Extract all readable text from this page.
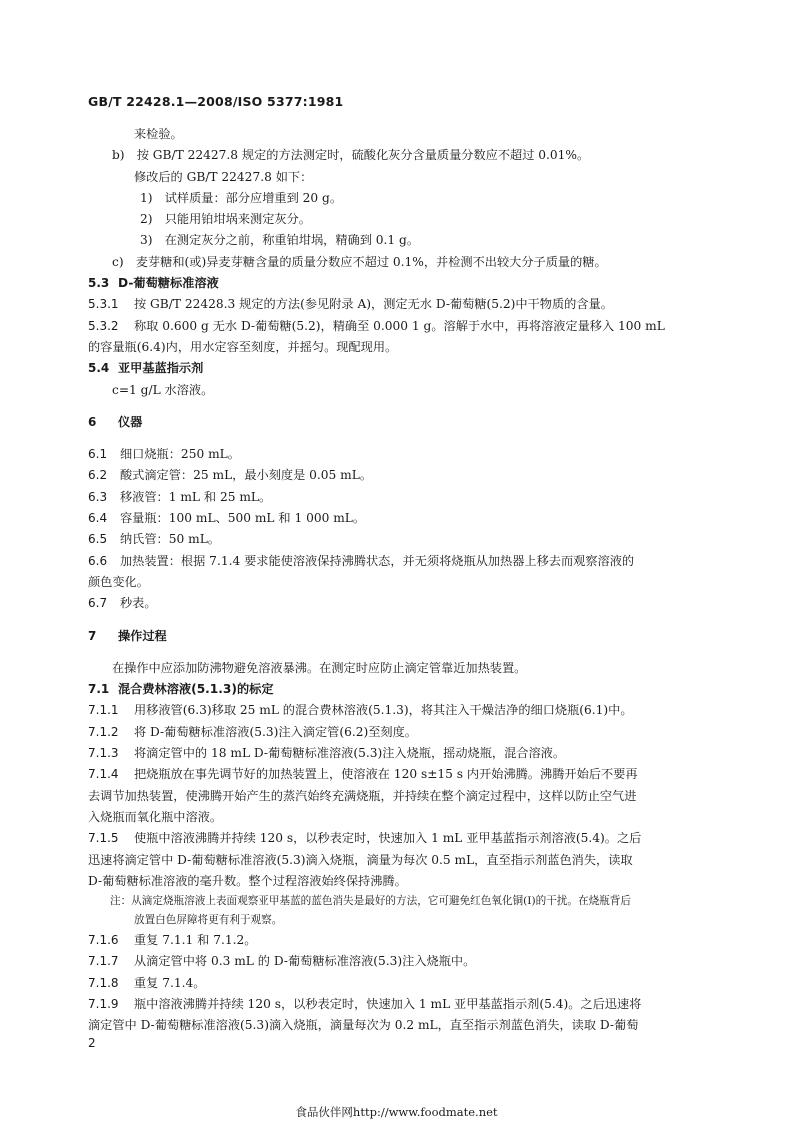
GB/T 22428.1—2008/ISO 5377:1981
来检验。
b)　按 GB/T 22427.8 规定的方法测定时，硫酸化灰分含量质量分数应不超过 0.01%。
修改后的 GB/T 22427.8 如下：
1)　试样质量：部分应增重到 20 g。
2)　只能用铂坩埚来测定灰分。
3)　在测定灰分之前，称重铂坩埚，精确到 0.1 g。
c)　麦芽糖和(或)异麦芽糖含量的质量分数应不超过 0.1%，并检测不出较大分子质量的糖。
5.3 D-葡萄糖标准溶液
5.3.1 按 GB/T 22428.3 规定的方法(参见附录 A)，测定无水 D-葡萄糖(5.2)中干物质的含量。
5.3.2 称取 0.600 g 无水 D-葡萄糖(5.2)，精确至 0.000 1 g。溶解于水中，再将溶液定量移入 100 mL
的容量瓶(6.4)内，用水定容至刻度，并摇匀。现配现用。
5.4 亚甲基蓝指示剂
c=1 g/L 水溶液。
6 仪器
6.1 细口烧瓶：250 mL。
6.2 酸式滴定管：25 mL，最小刻度是 0.05 mL。
6.3 移液管：1 mL 和 25 mL。
6.4 容量瓶：100 mL、500 mL 和 1 000 mL。
6.5 纳氏管：50 mL。
6.6 加热装置：根据 7.1.4 要求能使溶液保持沸腾状态，并无须将烧瓶从加热器上移去而观察溶液的
颜色变化。
6.7 秒表。
7 操作过程
在操作中应添加防沸物避免溶液暴沸。在测定时应防止滴定管靠近加热装置。
7.1 混合费林溶液(5.1.3)的标定
7.1.1 用移液管(6.3)移取 25 mL 的混合费林溶液(5.1.3)，将其注入干燥洁净的细口烧瓶(6.1)中。
7.1.2 将 D-葡萄糖标准溶液(5.3)注入滴定管(6.2)至刻度。
7.1.3 将滴定管中的 18 mL D-葡萄糖标准溶液(5.3)注入烧瓶，摇动烧瓶，混合溶液。
7.1.4 把烧瓶放在事先调节好的加热装置上，使溶液在 120 s±15 s 内开始沸腾。沸腾开始后不要再
去调节加热装置，使沸腾开始产生的蒸汽始终充满烧瓶，并持续在整个滴定过程中，这样以防止空气进
入烧瓶而氧化瓶中溶液。
7.1.5 使瓶中溶液沸腾并持续 120 s，以秒表定时，快速加入 1 mL 亚甲基蓝指示剂溶液(5.4)。之后
迅速将滴定管中 D-葡萄糖标准溶液(5.3)滴入烧瓶，滴量为每次 0.5 mL，直至指示剂蓝色消失，读取
D-葡萄糖标准溶液的毫升数。整个过程溶液始终保持沸腾。
注：从滴定烧瓶溶液上表面观察亚甲基蓝的蓝色消失是最好的方法，它可避免红色氧化铜(I)的干扰。在烧瓶背后
放置白色屏障将更有利于观察。
7.1.6 重复 7.1.1 和 7.1.2。
7.1.7 从滴定管中将 0.3 mL 的 D-葡萄糖标准溶液(5.3)注入烧瓶中。
7.1.8 重复 7.1.4。
7.1.9 瓶中溶液沸腾并持续 120 s，以秒表定时，快速加入 1 mL 亚甲基蓝指示剂(5.4)。之后迅速将
滴定管中 D-葡萄糖标准溶液(5.3)滴入烧瓶，滴量每次为 0.2 mL，直至指示剂蓝色消失，读取 D-葡萄
2
食品伙伴网http://www.foodmate.net
